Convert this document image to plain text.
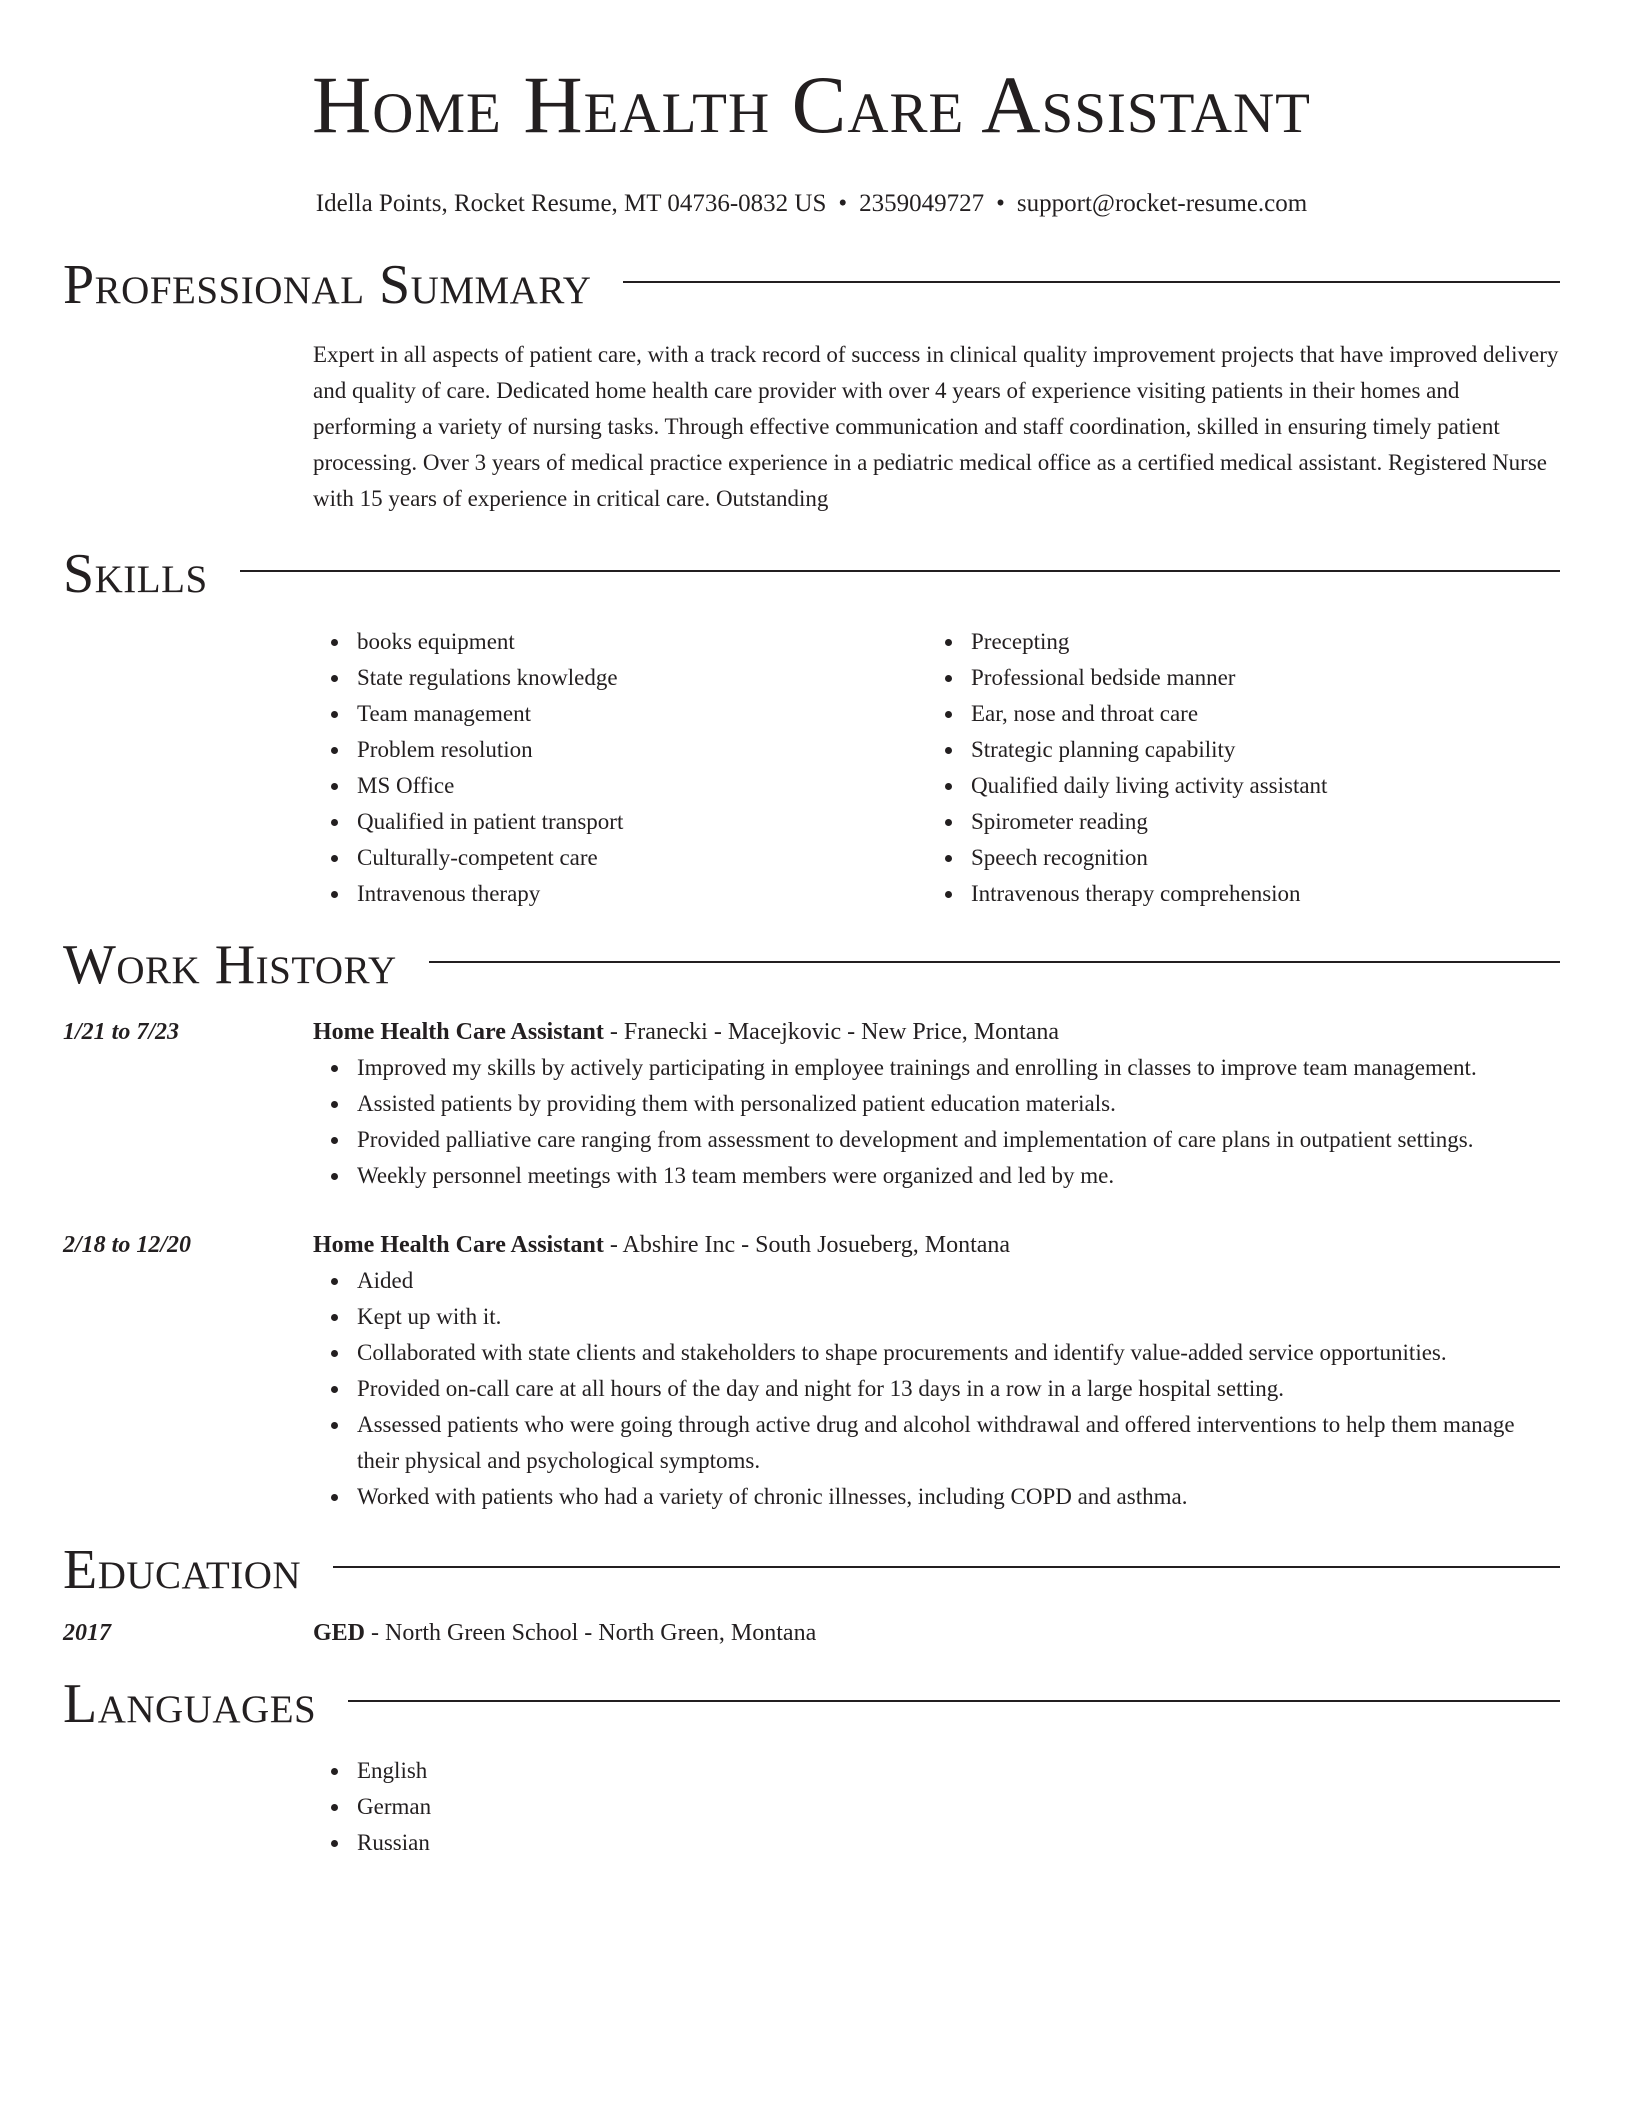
Home Health Care Assistant
Idella Points, Rocket Resume, MT 04736-0832 US • 2359049727 • support@rocket-resume.com
Professional Summary

Expert in all aspects of patient care, with a track record of success in clinical quality improvement projects that have improved delivery and quality of care. Dedicated home health care provider with over 4 years of experience visiting patients in their homes and performing a variety of nursing tasks. Through effective communication and staff coordination, skilled in ensuring timely patient processing. Over 3 years of medical practice experience in a pediatric medical office as a certified medical assistant. Registered Nurse with 15 years of experience in critical care. Outstanding

Skills
books equipment
State regulations knowledge
Team management
Problem resolution
MS Office
Qualified in patient transport
Culturally-competent care
Intravenous therapy
Precepting
Professional bedside manner
Ear, nose and throat care
Strategic planning capability
Qualified daily living activity assistant
Spirometer reading
Speech recognition
Intravenous therapy comprehension
Work History
1/21 to 7/23	Home Health Care Assistant - Franecki - Macejkovic - New Price, Montana
Improved my skills by actively participating in employee trainings and enrolling in classes to improve team management.
Assisted patients by providing them with personalized patient education materials.
Provided palliative care ranging from assessment to development and implementation of care plans in outpatient settings.
Weekly personnel meetings with 13 team members were organized and led by me.
2/18 to 12/20	Home Health Care Assistant - Abshire Inc - South Josueberg, Montana
Aided
Kept up with it.
Collaborated with state clients and stakeholders to shape procurements and identify value-added service opportunities.
Provided on-call care at all hours of the day and night for 13 days in a row in a large hospital setting.
Assessed patients who were going through active drug and alcohol withdrawal and offered interventions to help them manage their physical and psychological symptoms.
Worked with patients who had a variety of chronic illnesses, including COPD and asthma.
Education
2017	GED - North Green School - North Green, Montana
Languages
English
German
Russian
